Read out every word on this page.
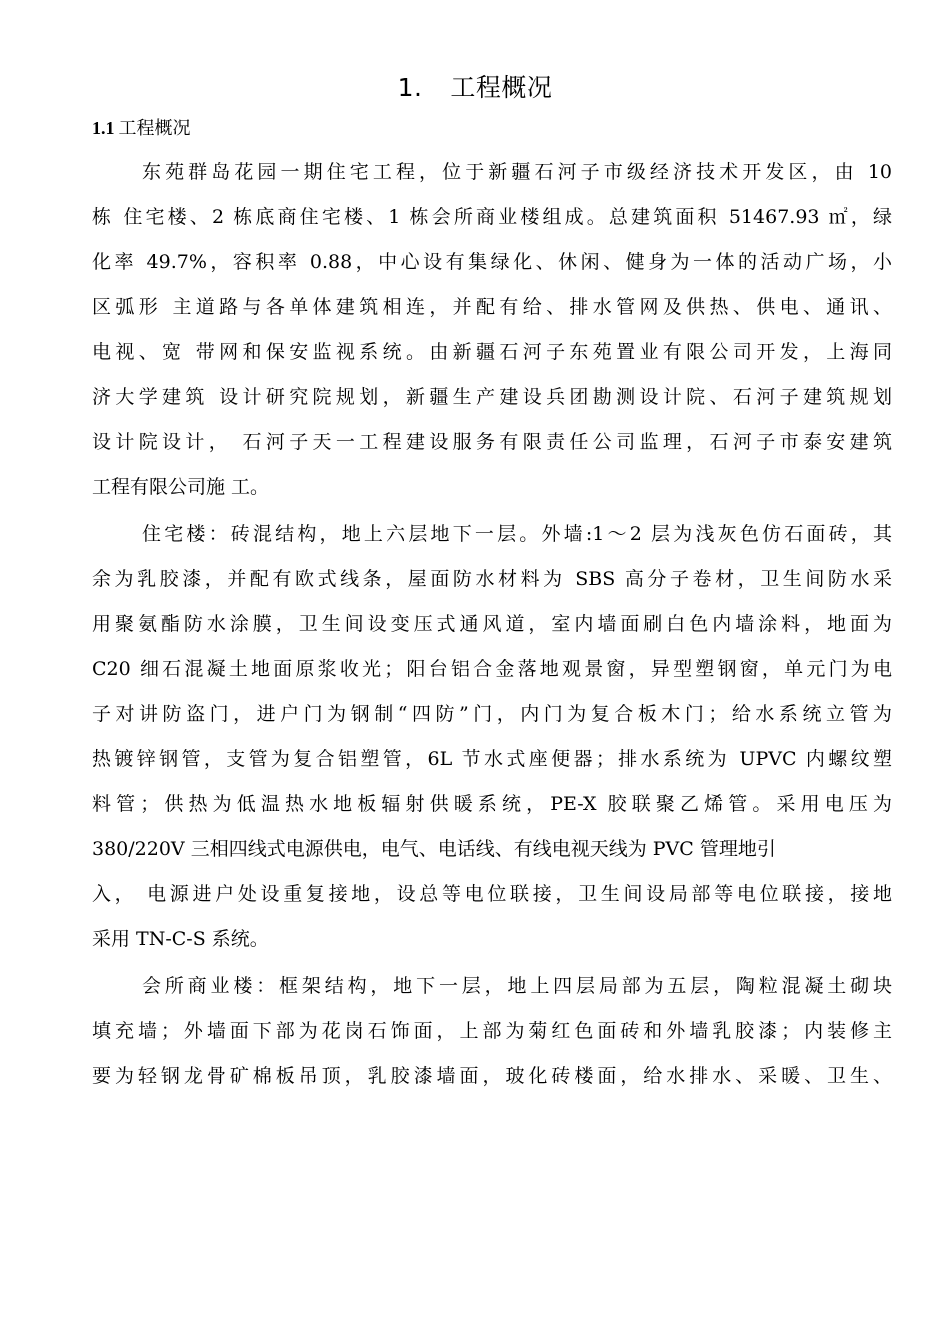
1. 工程概况
1.1 工程概况
东苑群岛花园一期住宅工程，位于新疆石河子市级经济技术开发区，由 10
栋 住宅楼、2 栋底商住宅楼、1 栋会所商业楼组成。总建筑面积 51467.93 ㎡，绿
化率 49.7%，容积率 0.88，中心设有集绿化、休闲、健身为一体的活动广场，小
区弧形 主道路与各单体建筑相连，并配有给、排水管网及供热、供电、通讯、
电视、宽 带网和保安监视系统。由新疆石河子东苑置业有限公司开发，上海同
济大学建筑 设计研究院规划，新疆生产建设兵团勘测设计院、石河子建筑规划
设计院设计， 石河子天一工程建设服务有限责任公司监理，石河子市泰安建筑
工程有限公司施 工。
住宅楼：砖混结构，地上六层地下一层。外墙:1～2 层为浅灰色仿石面砖，其
余为乳胶漆，并配有欧式线条，屋面防水材料为 SBS 高分子卷材，卫生间防水采
用聚氨酯防水涂膜，卫生间设变压式通风道，室内墙面刷白色内墙涂料，地面为
C20 细石混凝土地面原浆收光；阳台铝合金落地观景窗，异型塑钢窗，单元门为电
子对讲防盗门，进户门为钢制“四防”门，内门为复合板木门；给水系统立管为
热镀锌钢管，支管为复合铝塑管，6L 节水式座便器；排水系统为 UPVC 内螺纹塑
料管；供热为低温热水地板辐射供暖系统，PE-X 胶联聚乙烯管。采用电压为
380/220V 三相四线式电源供电，电气、电话线、有线电视天线为 PVC 管理地引
入， 电源进户处设重复接地，设总等电位联接，卫生间设局部等电位联接，接地
采用 TN-C-S 系统。
会所商业楼：框架结构，地下一层，地上四层局部为五层，陶粒混凝土砌块
填充墙；外墙面下部为花岗石饰面，上部为菊红色面砖和外墙乳胶漆；内装修主
要为轻钢龙骨矿棉板吊顶，乳胶漆墙面，玻化砖楼面，给水排水、采暖、卫生、
